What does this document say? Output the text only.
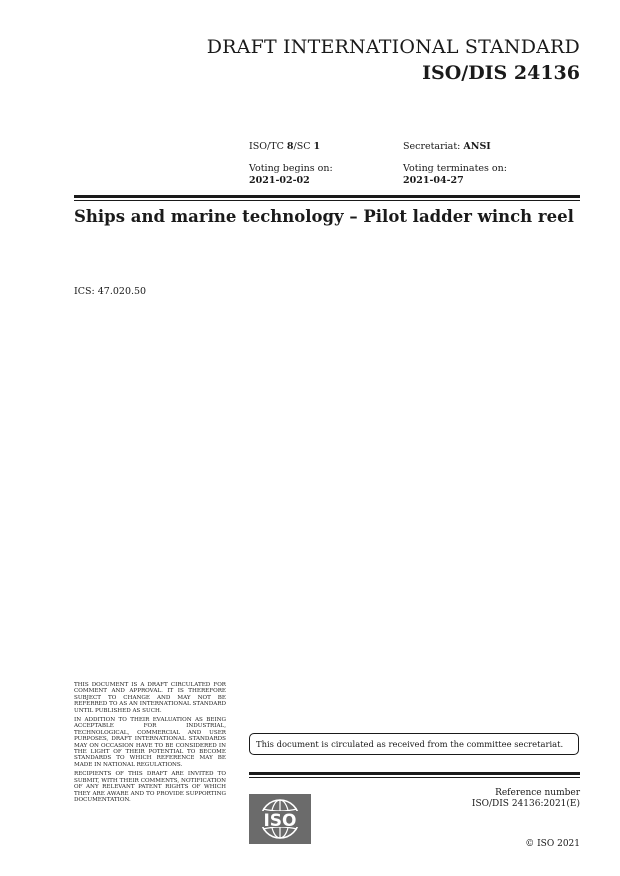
DRAFT INTERNATIONAL STANDARD
ISO/DIS 24136
ISO/TC 8/SC 1	Secretariat: ANSI
Voting begins on:
2021-02-02
Voting terminates on:
2021-04-27
Ships and marine technology – Pilot ladder winch reel
ICS: 47.020.50

THIS DOCUMENT IS A DRAFT CIRCULATED FOR COMMENT AND APPROVAL. IT IS THEREFORE SUBJECT TO CHANGE AND MAY NOT BE REFERRED TO AS AN INTERNATIONAL STANDARD UNTIL PUBLISHED AS SUCH.

IN ADDITION TO THEIR EVALUATION AS BEING ACCEPTABLE FOR INDUSTRIAL, TECHNOLOGICAL, COMMERCIAL AND USER PURPOSES, DRAFT INTERNATIONAL STANDARDS MAY ON OCCASION HAVE TO BE CONSIDERED IN THE LIGHT OF THEIR POTENTIAL TO BECOME STANDARDS TO WHICH REFERENCE MAY BE MADE IN NATIONAL REGULATIONS.

RECIPIENTS OF THIS DRAFT ARE INVITED TO SUBMIT, WITH THEIR COMMENTS, NOTIFICATION OF ANY RELEVANT PATENT RIGHTS OF WHICH THEY ARE AWARE AND TO PROVIDE SUPPORTING DOCUMENTATION.

This document is circulated as received from the committee secretariat.
Reference number
ISO/DIS 24136:2021(E)
ISO
© ISO 2021
